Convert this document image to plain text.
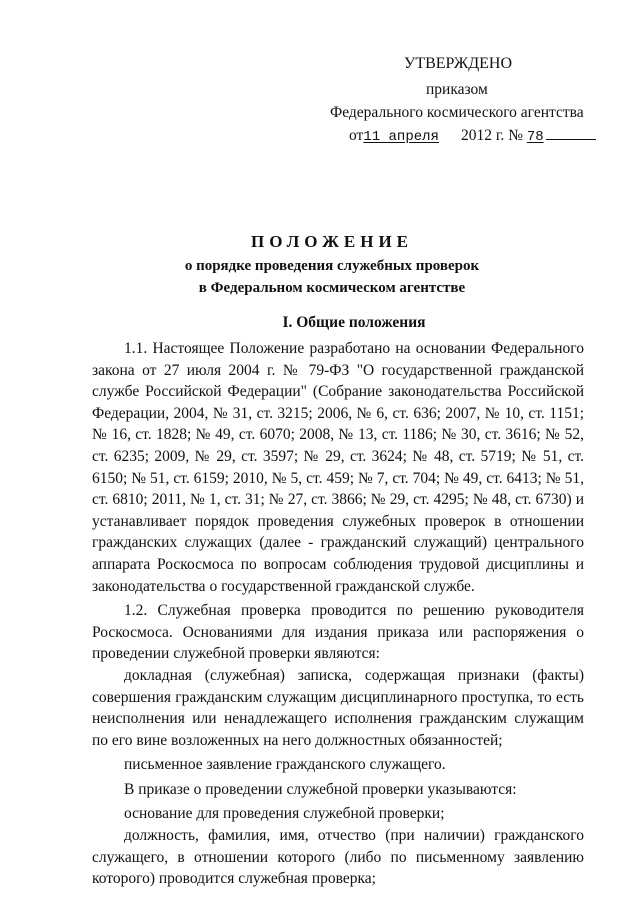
УТВЕРЖДЕНО
приказом
Федерального космического агентства
от11 апреля 2012 г. № 78
ПОЛОЖЕНИЕ
о порядке проведения служебных проверок
в Федеральном космическом агентстве
I. Общие положения

1.1. Настоящее Положение разработано на основании Федерального закона от 27 июля 2004 г. № 79-ФЗ "О государственной гражданской службе Российской Федерации" (Собрание законодательства Российской Федерации, 2004, № 31, ст. 3215; 2006, № 6, ст. 636; 2007, № 10, ст. 1151; № 16, ст. 1828; № 49, ст. 6070; 2008, № 13, ст. 1186; № 30, ст. 3616; № 52, ст. 6235; 2009, № 29, ст. 3597; № 29, ст. 3624; № 48, ст. 5719; № 51, ст. 6150; № 51, ст. 6159; 2010, № 5, ст. 459; № 7, ст. 704; № 49, ст. 6413; № 51, ст. 6810; 2011, № 1, ст. 31; № 27, ст. 3866; № 29, ст. 4295; № 48, ст. 6730) и устанавливает порядок проведения служебных проверок в отношении гражданских служащих (далее - гражданский служащий) центрального аппарата Роскосмоса по вопросам соблюдения трудовой дисциплины и законодательства о государственной гражданской службе.

1.2. Служебная проверка проводится по решению руководителя Роскосмоса. Основаниями для издания приказа или распоряжения о проведении служебной проверки являются:

докладная (служебная) записка, содержащая признаки (факты) совершения гражданским служащим дисциплинарного проступка, то есть неисполнения или ненадлежащего исполнения гражданским служащим по его вине возложенных на него должностных обязанностей;

письменное заявление гражданского служащего.

В приказе о проведении служебной проверки указываются:

основание для проведения служебной проверки;

должность, фамилия, имя, отчество (при наличии) гражданского служащего, в отношении которого (либо по письменному заявлению которого) проводится служебная проверка;
